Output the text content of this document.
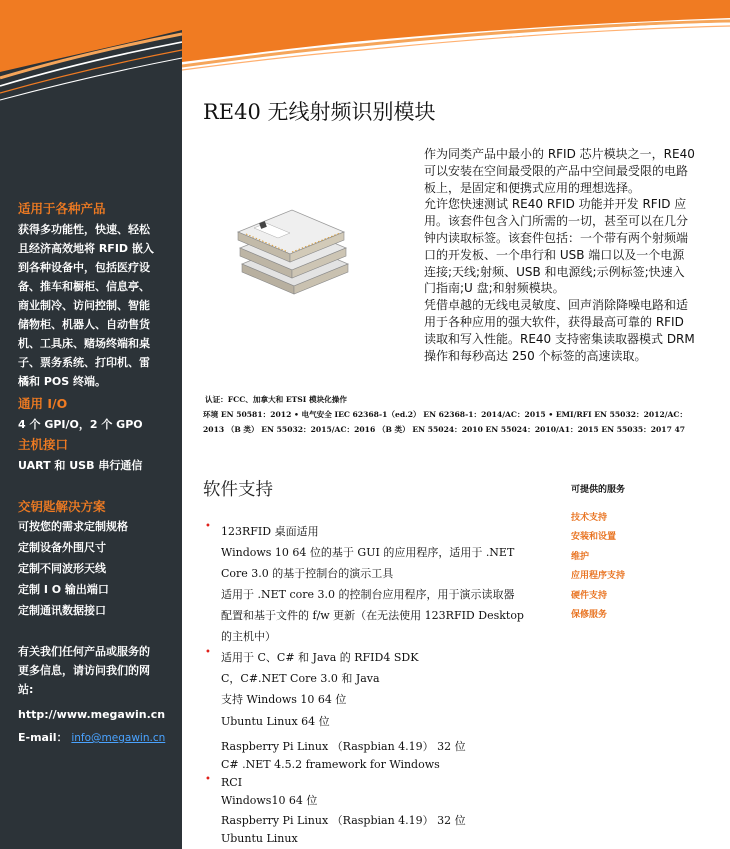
适用于各种产品
获得多功能性，快速、轻松
且经济高效地将 RFID 嵌入
到各种设备中，包括医疗设
备、推车和橱柜、信息亭、
商业制冷、访问控制、智能
储物柜、机器人、自动售货
机、工具床、赌场终端和桌
子、票务系统、打印机、雷
橘和 POS 终端。
通用 I/O
4 个 GPI/O，2 个 GPO
主机接口
UART 和 USB 串行通信
交钥匙解决方案
可按您的需求定制规格
定制设备外围尺寸
定制不同波形天线
定制 I O 输出端口
定制通讯数据接口
有关我们任何产品或服务的
更多信息，请访问我们的网
站:
http://www.megawin.cn
E-mail： info@megawin.cn
RE40 无线射频识别模块

作为同类产品中最小的 RFID 芯片模块之一，RE40

可以安装在空间最受限的产品中空间最受限的电路

板上，是固定和便携式应用的理想选择。

允许您快速测试 RE40 RFID 功能并开发 RFID 应

用。该套件包含入门所需的一切，甚至可以在几分

钟内读取标签。该套件包括：一个带有两个射频端

口的开发板、一个串行和 USB 端口以及一个电源

连接;天线;射频、USB 和电源线;示例标签;快速入

门指南;U 盘;和射频模块。

凭借卓越的无线电灵敏度、回声消除降噪电路和适

用于各种应用的强大软件，获得最高可靠的 RFID

读取和写入性能。RE40 支持密集读取器模式 DRM

操作和每秒高达 250 个标签的高速读取。

认证：FCC、加拿大和 ETSI 模块化操作
环境 EN 50581：2012 • 电气安全 IEC 62368-1（ed.2） EN 62368-1：2014/AC：2015 • EMI/RFI EN 55032：2012/AC：
2013 （B 类） EN 55032：2015/AC：2016 （B 类） EN 55024：2010 EN 55024：2010/A1：2015 EN 55035：2017 47
软件支持
• 123RFID 桌面适用
Windows 10 64 位的基于 GUI 的应用程序，适用于 .NET
Core 3.0 的基于控制台的演示工具
适用于 .NET core 3.0 的控制台应用程序，用于演示读取器
配置和基于文件的 f/w 更新（在无法使用 123RFID Desktop
的主机中）
• 适用于 C、C# 和 Java 的 RFID4 SDK
C，C#.NET Core 3.0 和 Java
支持 Windows 10 64 位
Ubuntu Linux 64 位
Raspberry Pi Linux （Raspbian 4.19） 32 位
C# .NET 4.5.2 framework for Windows
• RCI
Windows10 64 位
Raspberry Pi Linux （Raspbian 4.19） 32 位
Ubuntu Linux
可提供的服务
技术支持
安装和设置
维护
应用程序支持
硬件支持
保修服务
